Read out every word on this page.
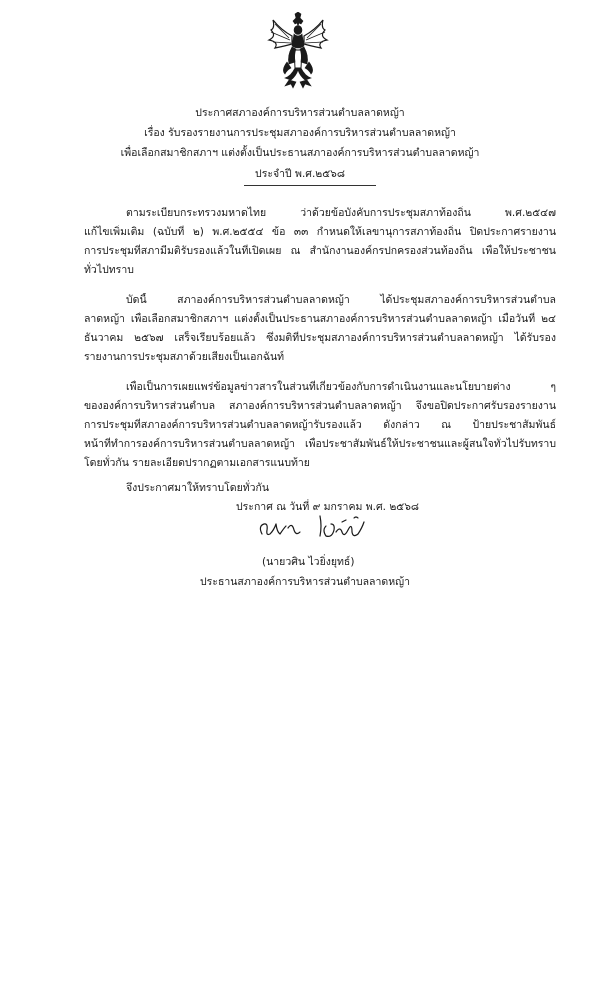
ประกาศสภาองค์การบริหารส่วนตำบลลาดหญ้า
เรื่อง รับรองรายงานการประชุมสภาองค์การบริหารส่วนตำบลลาดหญ้า
เพื่อเลือกสมาชิกสภาฯ แต่งตั้งเป็นประธานสภาองค์การบริหารส่วนตำบลลาดหญ้า
ประจำปี พ.ศ.๒๕๖๘
ตามระเบียบกระทรวงมหาดไทย ว่าด้วยข้อบังคับการประชุมสภาท้องถิ่น พ.ศ.๒๕๔๗
แก้ไขเพิ่มเติม (ฉบับที่ ๒) พ.ศ.๒๕๕๔ ข้อ ๓๓ กำหนดให้เลขานุการสภาท้องถิ่น ปิดประกาศรายงาน
การประชุมที่สภามีมติรับรองแล้วในที่เปิดเผย ณ สำนักงานองค์กรปกครองส่วนท้องถิ่น เพื่อให้ประชาชน
ทั่วไปทราบ
บัดนี้ สภาองค์การบริหารส่วนตำบลลาดหญ้า ได้ประชุมสภาองค์การบริหารส่วนตำบล
ลาดหญ้า เพื่อเลือกสมาชิกสภาฯ แต่งตั้งเป็นประธานสภาองค์การบริหารส่วนตำบลลาดหญ้า เมื่อวันที่ ๒๔
ธันวาคม ๒๕๖๗ เสร็จเรียบร้อยแล้ว ซึ่งมติที่ประชุมสภาองค์การบริหารส่วนตำบลลาดหญ้า ได้รับรอง
รายงานการประชุมสภาด้วยเสียงเป็นเอกฉันท์
เพื่อเป็นการเผยแพร่ข้อมูลข่าวสารในส่วนที่เกี่ยวข้องกับการดำเนินงานและนโยบายต่าง ๆ
ขององค์การบริหารส่วนตำบล สภาองค์การบริหารส่วนตำบลลาดหญ้า จึงขอปิดประกาศรับรองรายงาน
การประชุมที่สภาองค์การบริหารส่วนตำบลลาดหญ้ารับรองแล้ว ดังกล่าว ณ ป้ายประชาสัมพันธ์
หน้าที่ทำการองค์การบริหารส่วนตำบลลาดหญ้า เพื่อประชาสัมพันธ์ให้ประชาชนและผู้สนใจทั่วไปรับทราบ
โดยทั่วกัน รายละเอียดปรากฏตามเอกสารแนบท้าย
จึงประกาศมาให้ทราบโดยทั่วกัน
ประกาศ ณ วันที่ ๙ มกราคม พ.ศ. ๒๕๖๘
(นายวศิน ไวยิ่งยุทธ์)
ประธานสภาองค์การบริหารส่วนตำบลลาดหญ้า
